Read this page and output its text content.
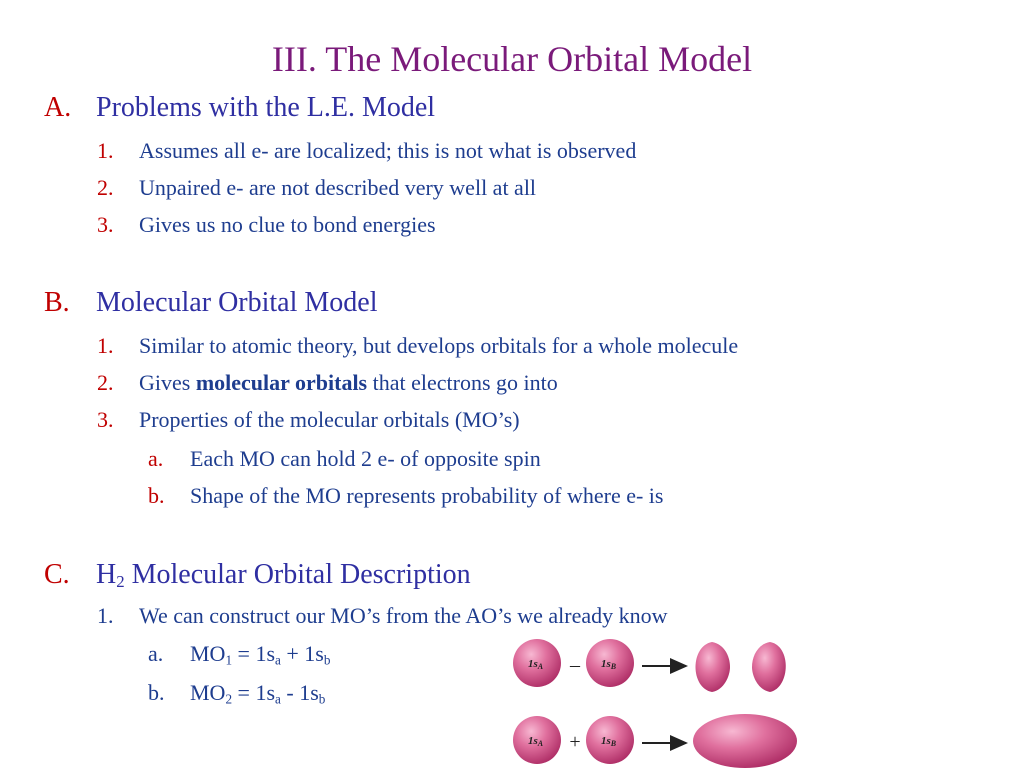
III. The Molecular Orbital Model
A. Problems with the L.E. Model
1. Assumes all e- are localized; this is not what is observed
2. Unpaired e- are not described very well at all
3. Gives us no clue to bond energies
B. Molecular Orbital Model
1. Similar to atomic theory, but develops orbitals for a whole molecule
2. Gives molecular orbitals that electrons go into
3. Properties of the molecular orbitals (MO’s)
a. Each MO can hold 2 e- of opposite spin
b. Shape of the MO represents probability of where e- is
C. $H_2$ Molecular Orbital Description
1. We can construct our MO’s from the AO’s we already know
a. $MO_1 = 1s_a + 1s_b$
b. $MO_2 = 1s_a - 1s_b$
1sA – 1sB
1sA + 1sB
